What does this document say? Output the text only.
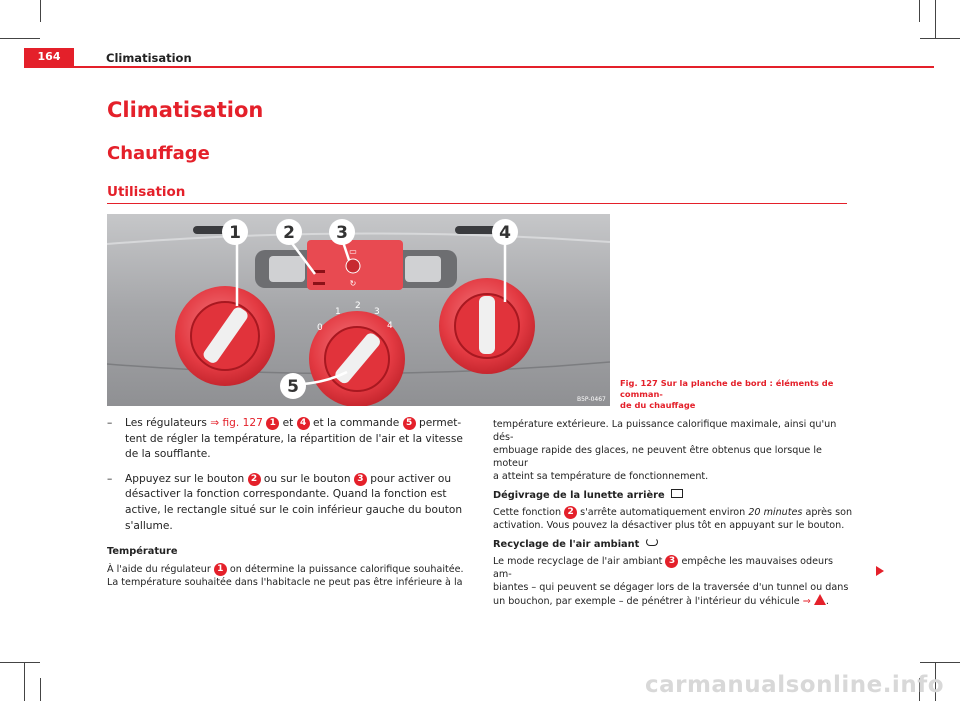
164	Climatisation
Climatisation
Chauffage
Utilisation
▭
↻
0
1
2
3
4
1 2 3	4
5
B5P-0467
Fig. 127 Sur la planche de bord : éléments de comman-
de du chauffage
– Les régulateurs ⇒ fig. 127 1 et 4 et la commande 5 permet-
tent de régler la température, la répartition de l'air et la vitesse
de la soufflante.
– Appuyez sur le bouton 2 ou sur le bouton 3 pour activer ou
désactiver la fonction correspondante. Quand la fonction est
active, le rectangle situé sur le coin inférieur gauche du bouton
s'allume.
Température
À l'aide du régulateur 1 on détermine la puissance calorifique souhaitée.
La température souhaitée dans l'habitacle ne peut pas être inférieure à la
température extérieure. La puissance calorifique maximale, ainsi qu'un dés-
embuage rapide des glaces, ne peuvent être obtenus que lorsque le moteur
a atteint sa température de fonctionnement.
Dégivrage de la lunette arrière
Cette fonction 2 s'arrête automatiquement environ 20 minutes après son
activation. Vous pouvez la désactiver plus tôt en appuyant sur le bouton.
Recyclage de l'air ambiant
Le mode recyclage de l'air ambiant 3 empêche les mauvaises odeurs am-
biantes – qui peuvent se dégager lors de la traversée d'un tunnel ou dans
un bouchon, par exemple – de pénétrer à l'intérieur du véhicule ⇒ .
carmanualsonline.info
